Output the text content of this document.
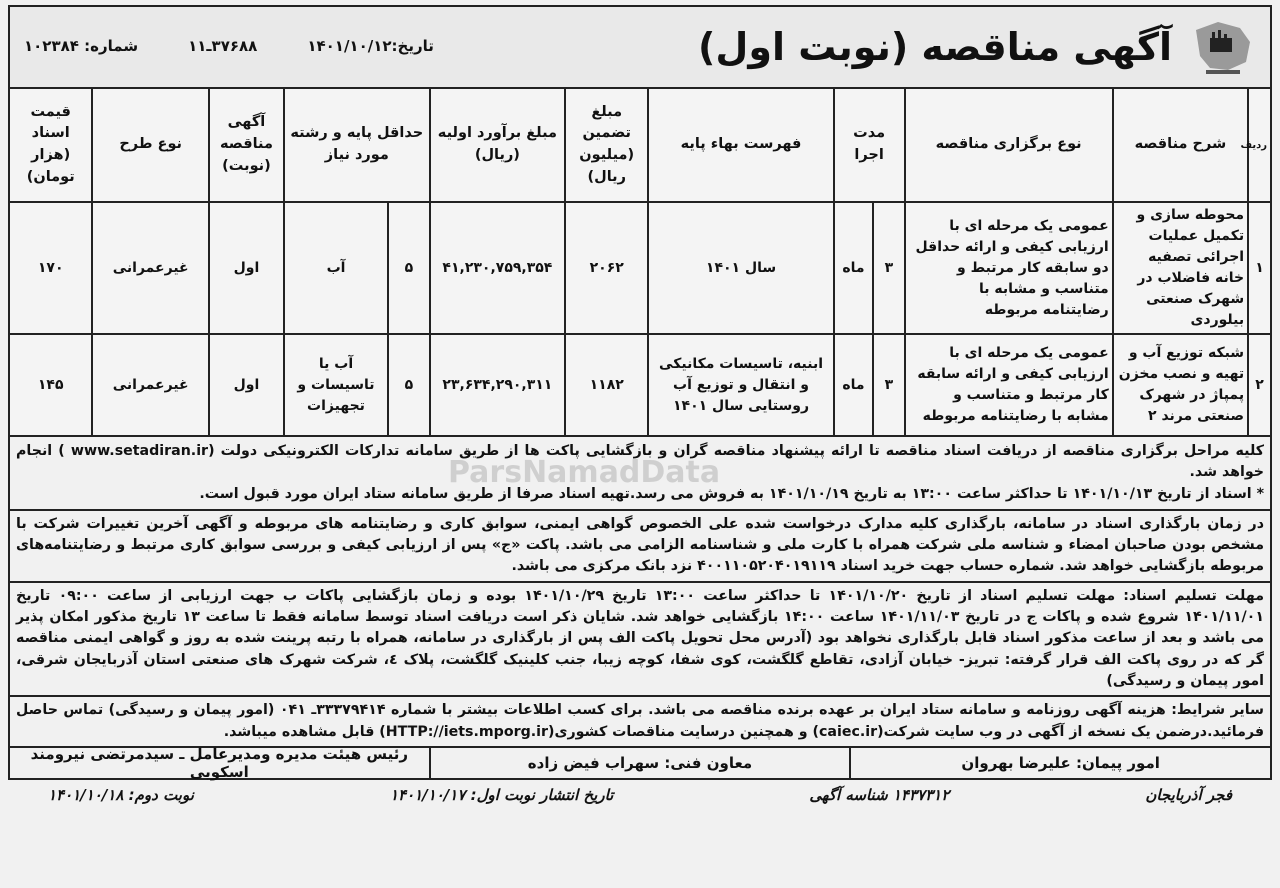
آگهی مناقصه (نوبت اول)
تاریخ:۱۴۰۱/۱۰/۱۲
۳۷۶۸۸ـ۱۱
شماره: ۱۰۲۳۸۴
ردیف	شرح مناقصه	نوع برگزاری مناقصه	مدت اجرا		فهرست بهاء پایه	مبلغ تضمین (میلیون ریال)	مبلغ برآورد اولیه (ریال)	حداقل پایه و رشته مورد نیاز		آگهی مناقصه (نوبت)	نوع طرح	قیمت اسناد (هزار تومان)
۱	محوطه سازی و تکمیل عملیات اجرائی تصفیه خانه فاضلاب در شهرک صنعتی بیلوردی	عمومی یک مرحله ای با ارزیابی کیفی و ارائه حداقل دو سابقه کار مرتبط و متناسب و مشابه با رضایتنامه مربوطه	۳	ماه	سال ۱۴۰۱	۲۰۶۲	۴۱,۲۳۰,۷۵۹,۳۵۴	۵	آب	اول	غیرعمرانی	۱۷۰
۲	شبکه توزیع آب و تهیه و نصب مخزن پمپاژ در شهرک صنعتی مرند ۲	عمومی یک مرحله ای با ارزیابی کیفی و ارائه سابقه کار مرتبط و متناسب و مشابه با رضایتنامه مربوطه	۳	ماه	ابنیه، تاسیسات مکانیکی و انتقال و توزیع آب روستایی سال ۱۴۰۱	۱۱۸۲	۲۳,۶۳۴,۲۹۰,۳۱۱	۵	آب یا تاسیسات و تجهیزات	اول	غیرعمرانی	۱۴۵
کلیه مراحل برگزاری مناقصه از دریافت اسناد مناقصه تا ارائه پیشنهاد مناقصه گران و بازگشایی پاکت ها از طریق سامانه تدارکات الکترونیکی دولت (www.setadiran.ir ) انجام خواهد شد.
* اسناد از تاریخ ۱۴۰۱/۱۰/۱۳ تا حداکثر ساعت ۱۳:۰۰ به تاریخ ۱۴۰۱/۱۰/۱۹ به فروش می رسد.تهیه اسناد صرفا از طریق سامانه ستاد ایران مورد قبول است.
در زمان بارگذاری اسناد در سامانه، بارگذاری کلیه مدارک درخواست شده علی الخصوص گواهی ایمنی، سوابق کاری و رضایتنامه های مربوطه و آگهی آخرین تغییرات شرکت با مشخص بودن صاحبان امضاء و شناسه ملی شرکت همراه با کارت ملی و شناسنامه الزامی می باشد. پاکت «ج» پس از ارزیابی کیفی و بررسی سوابق کاری مرتبط و رضایتنامه‌های مربوطه بازگشایی خواهد شد. شماره حساب جهت خرید اسناد ۴۰۰۱۱۰۵۲۰۴۰۱۹۱۱۹ نزد بانک مرکزی می باشد.
مهلت تسلیم اسناد: مهلت تسلیم اسناد از تاریخ ۱۴۰۱/۱۰/۲۰ تا حداکثر ساعت ۱۳:۰۰ تاریخ ۱۴۰۱/۱۰/۲۹ بوده و زمان بازگشایی پاکات ب جهت ارزیابی از ساعت ۰۹:۰۰ تاریخ ۱۴۰۱/۱۱/۰۱ شروع شده و پاکات ج در تاریخ ۱۴۰۱/۱۱/۰۳ ساعت ۱۴:۰۰ بازگشایی خواهد شد. شایان ذکر است دریافت اسناد توسط سامانه فقط تا ساعت ۱۳ تاریخ مذکور امکان پذیر می باشد و بعد از ساعت مذکور اسناد قابل بارگذاری نخواهد بود (آدرس محل تحویل پاکت الف پس از بارگذاری در سامانه، همراه با رتبه پرینت شده به روز و گواهی ایمنی مناقصه گر که در روی پاکت الف قرار گرفته: تبریز- خیابان آزادی، تقاطع گلگشت، کوی شفا، کوچه زیبا، جنب کلینیک گلگشت، پلاک ٤، شرکت شهرک های صنعتی استان آذربایجان شرقی، امور پیمان و رسیدگی)
سایر شرایط: هزینه آگهی روزنامه و سامانه ستاد ایران بر عهده برنده مناقصه می باشد. برای کسب اطلاعات بیشتر با شماره ۳۳۳۷۹۴۱۴ـ ۰۴۱ (امور پیمان و رسیدگی) تماس حاصل فرمائید.درضمن یک نسخه از آگهی در وب سایت شرکت(caiec.ir) و همچنین درسایت مناقصات کشوری(HTTP://iets.mporg.ir) قابل مشاهده میباشد.
امور پیمان: علیرضا بهروان
معاون فنی: سهراب فیض زاده
رئیس هیئت مدیره ومدیرعامل ـ سیدمرتضی نیرومند اسکویی
فجر آذربایجان
۱۴۳۷۳۱۲ شناسه آگهی
تاریخ انتشار نوبت اول: ۱۴۰۱/۱۰/۱۷
نوبت دوم: ۱۴۰۱/۱۰/۱۸
ParsNamadData
